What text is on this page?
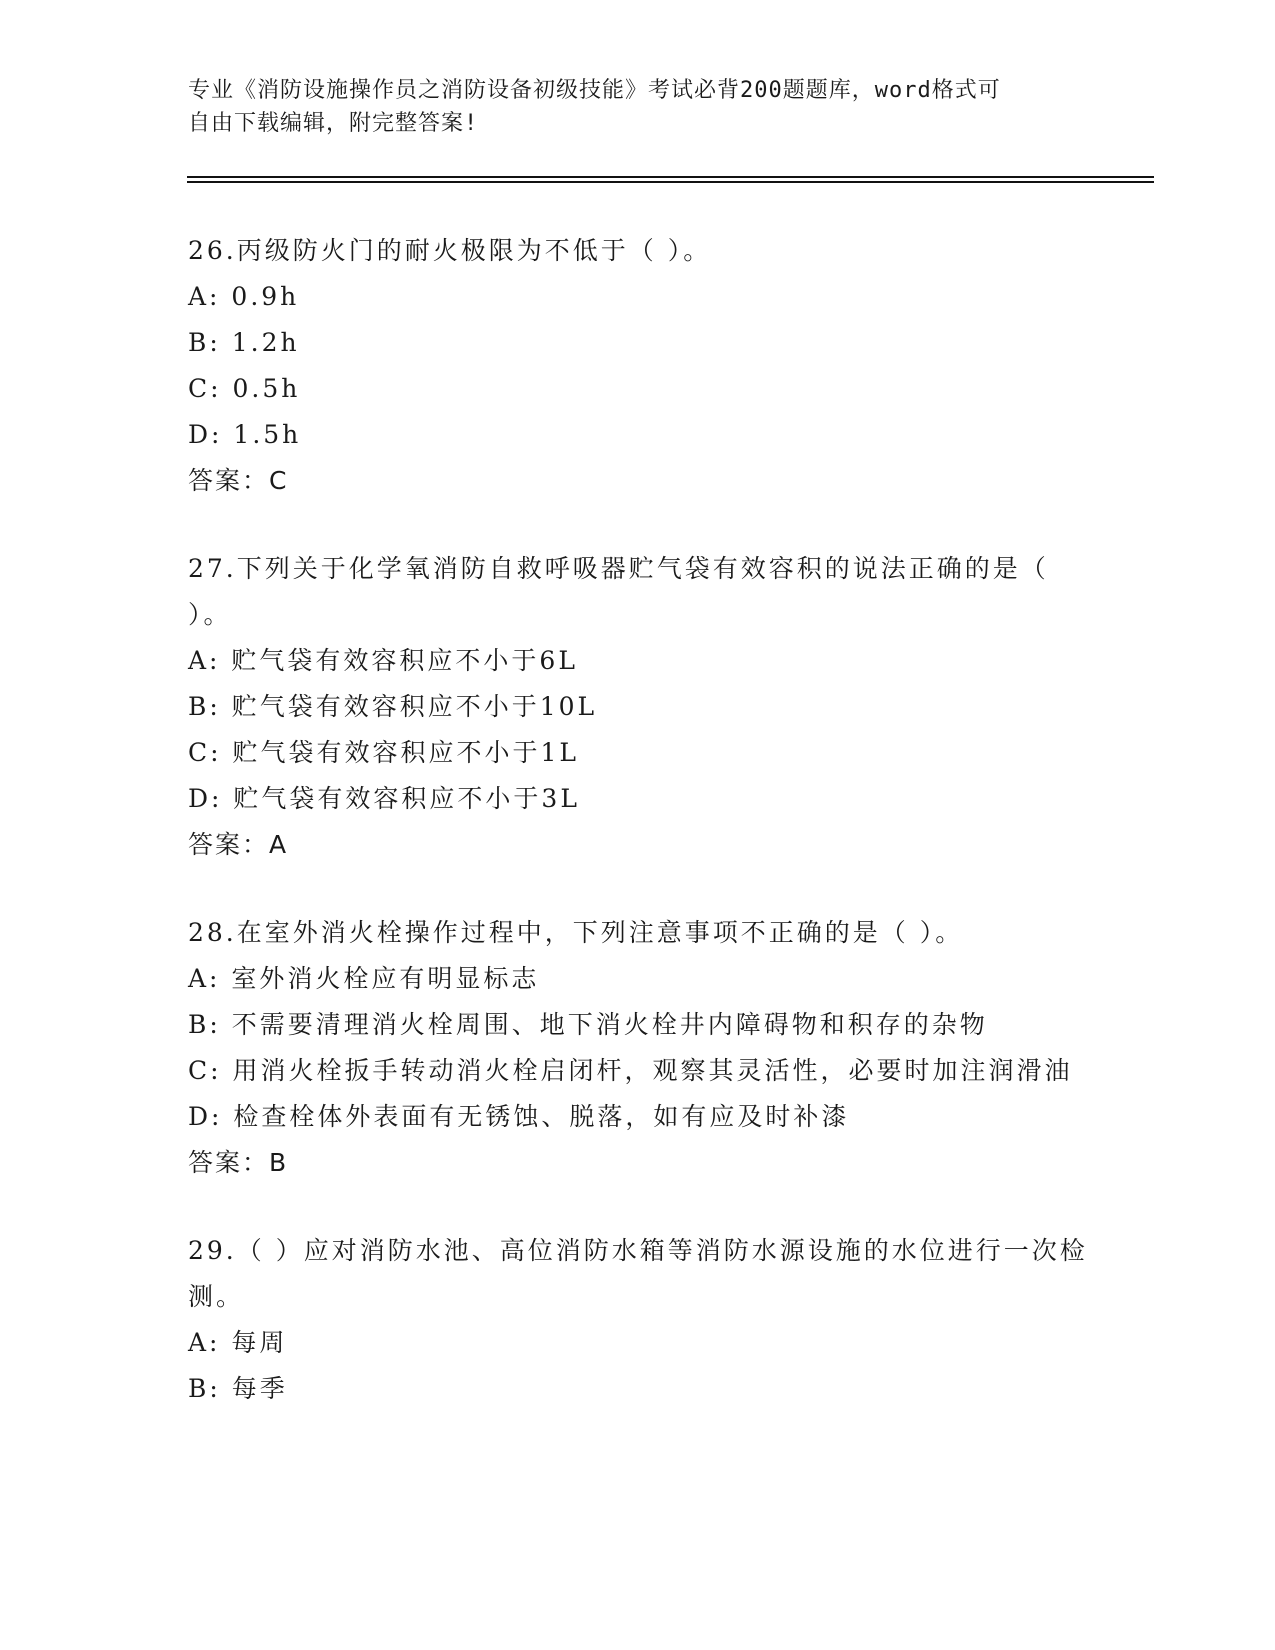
专业《消防设施操作员之消防设备初级技能》考试必背200题题库，word格式可
自由下载编辑，附完整答案!
26.丙级防火门的耐火极限为不低于（ ）。
A: 0.9h
B: 1.2h
C: 0.5h
D: 1.5h
答案：C
27.下列关于化学氧消防自救呼吸器贮气袋有效容积的说法正确的是（ ）。
A: 贮气袋有效容积应不小于6L
B: 贮气袋有效容积应不小于10L
C: 贮气袋有效容积应不小于1L
D: 贮气袋有效容积应不小于3L
答案：A
28.在室外消火栓操作过程中，下列注意事项不正确的是（ ）。
A: 室外消火栓应有明显标志
B: 不需要清理消火栓周围、地下消火栓井内障碍物和积存的杂物
C: 用消火栓扳手转动消火栓启闭杆，观察其灵活性，必要时加注润滑油
D: 检查栓体外表面有无锈蚀、脱落，如有应及时补漆
答案：B
29.（ ）应对消防水池、高位消防水箱等消防水源设施的水位进行一次检测。
A: 每周
B: 每季
